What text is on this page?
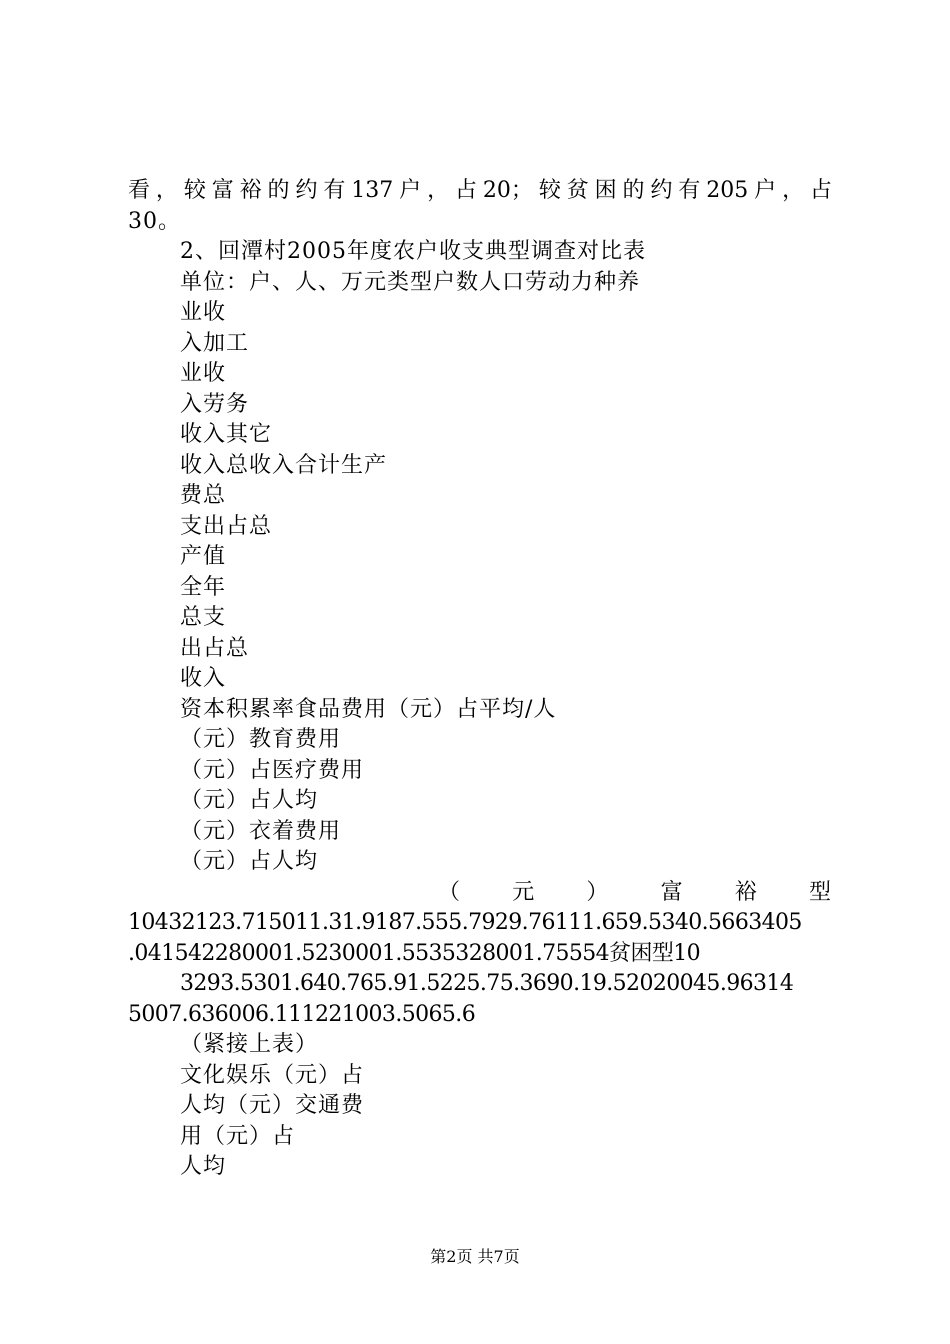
看，较富裕的约有137户，占20；较贫困的约有205户，占
30。
2、回潭村2005年度农户收支典型调查对比表
单位：户、人、万元类型户数人口劳动力种养
业收
入加工
业收
入劳务
收入其它
收入总收入合计生产
费总
支出占总
产值
全年
总支
出占总
收入
资本积累率食品费用（元）占平均/人
（元）教育费用
（元）占医疗费用
（元）占人均
（元）衣着费用
（元）占人均
（ 元 ） 富 裕 型
10432123.715011.31.9187.555.7929.76111.659.5340.5663405
.041542280001.5230001.5535328001.75554贫困型10
3293.5301.640.765.91.5225.75.3690.19.52020045.96314
5007.636006.111221003.5065.6
（紧接上表）
文化娱乐（元）占
人均（元）交通费
用（元）占
人均
第2页 共7页
